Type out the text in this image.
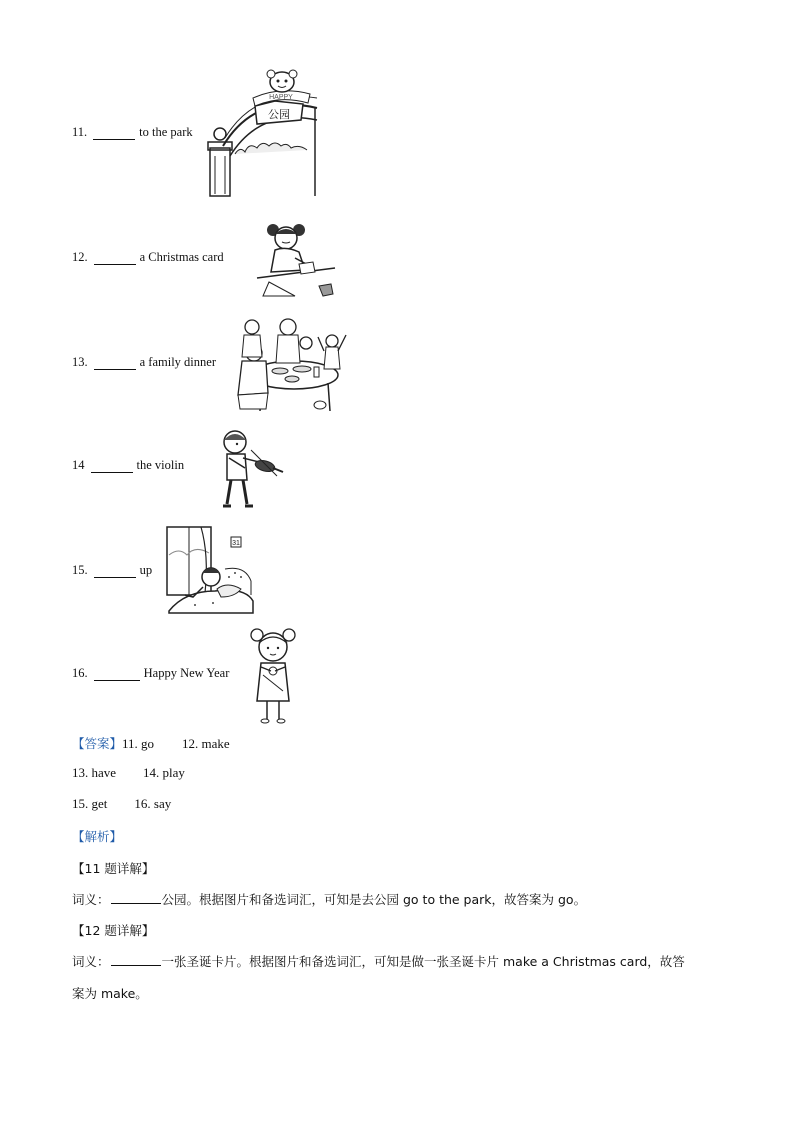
11.	to the park
公园
HAPPY
12.	a Christmas card
13.	a family dinner
14	the violin
15.	up
31
16.	Happy New Year
【答案】11. go 12. make
13. have 14. play
15. get 16. say
【解析】
【11 题详解】
词义：	公园。根据图片和备选词汇，可知是去公园 go to the park，故答案为 go。
【12 题详解】
词义：	一张圣诞卡片。根据图片和备选词汇，可知是做一张圣诞卡片 make a Christmas card，故答
案为 make。
